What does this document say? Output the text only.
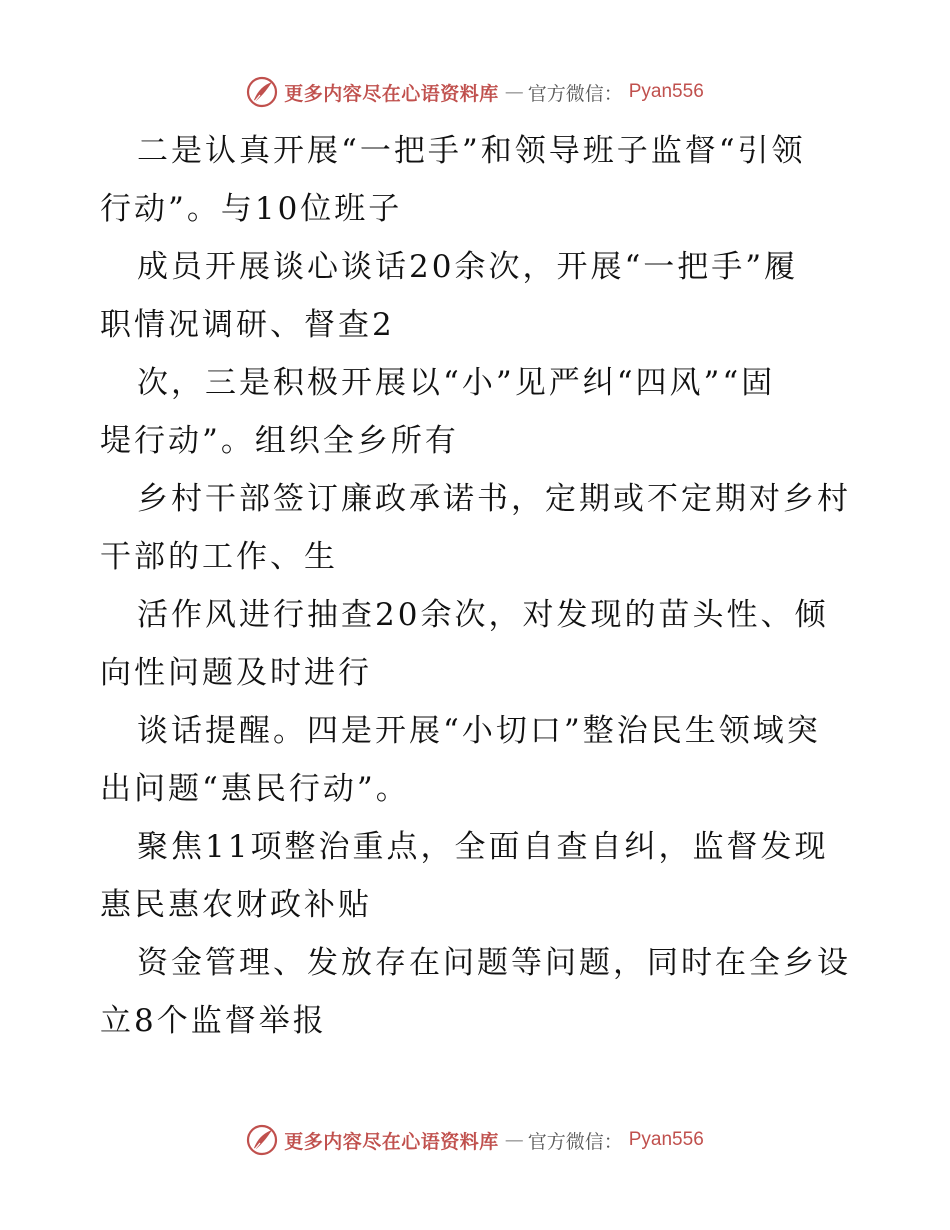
更多内容尽在心语资料库 — 官方微信： Pyan556
二是认真开展“一把手”和领导班子监督“引领
行动”。与10位班子
成员开展谈心谈话20余次，开展“一把手”履
职情况调研、督查2
次，三是积极开展以“小”见严纠“四风”“固
堤行动”。组织全乡所有
乡村干部签订廉政承诺书，定期或不定期对乡村
干部的工作、生
活作风进行抽查20余次，对发现的苗头性、倾
向性问题及时进行
谈话提醒。四是开展“小切口”整治民生领域突
出问题“惠民行动”。
聚焦11项整治重点，全面自查自纠，监督发现
惠民惠农财政补贴
资金管理、发放存在问题等问题，同时在全乡设
立8个监督举报
更多内容尽在心语资料库 — 官方微信： Pyan556
